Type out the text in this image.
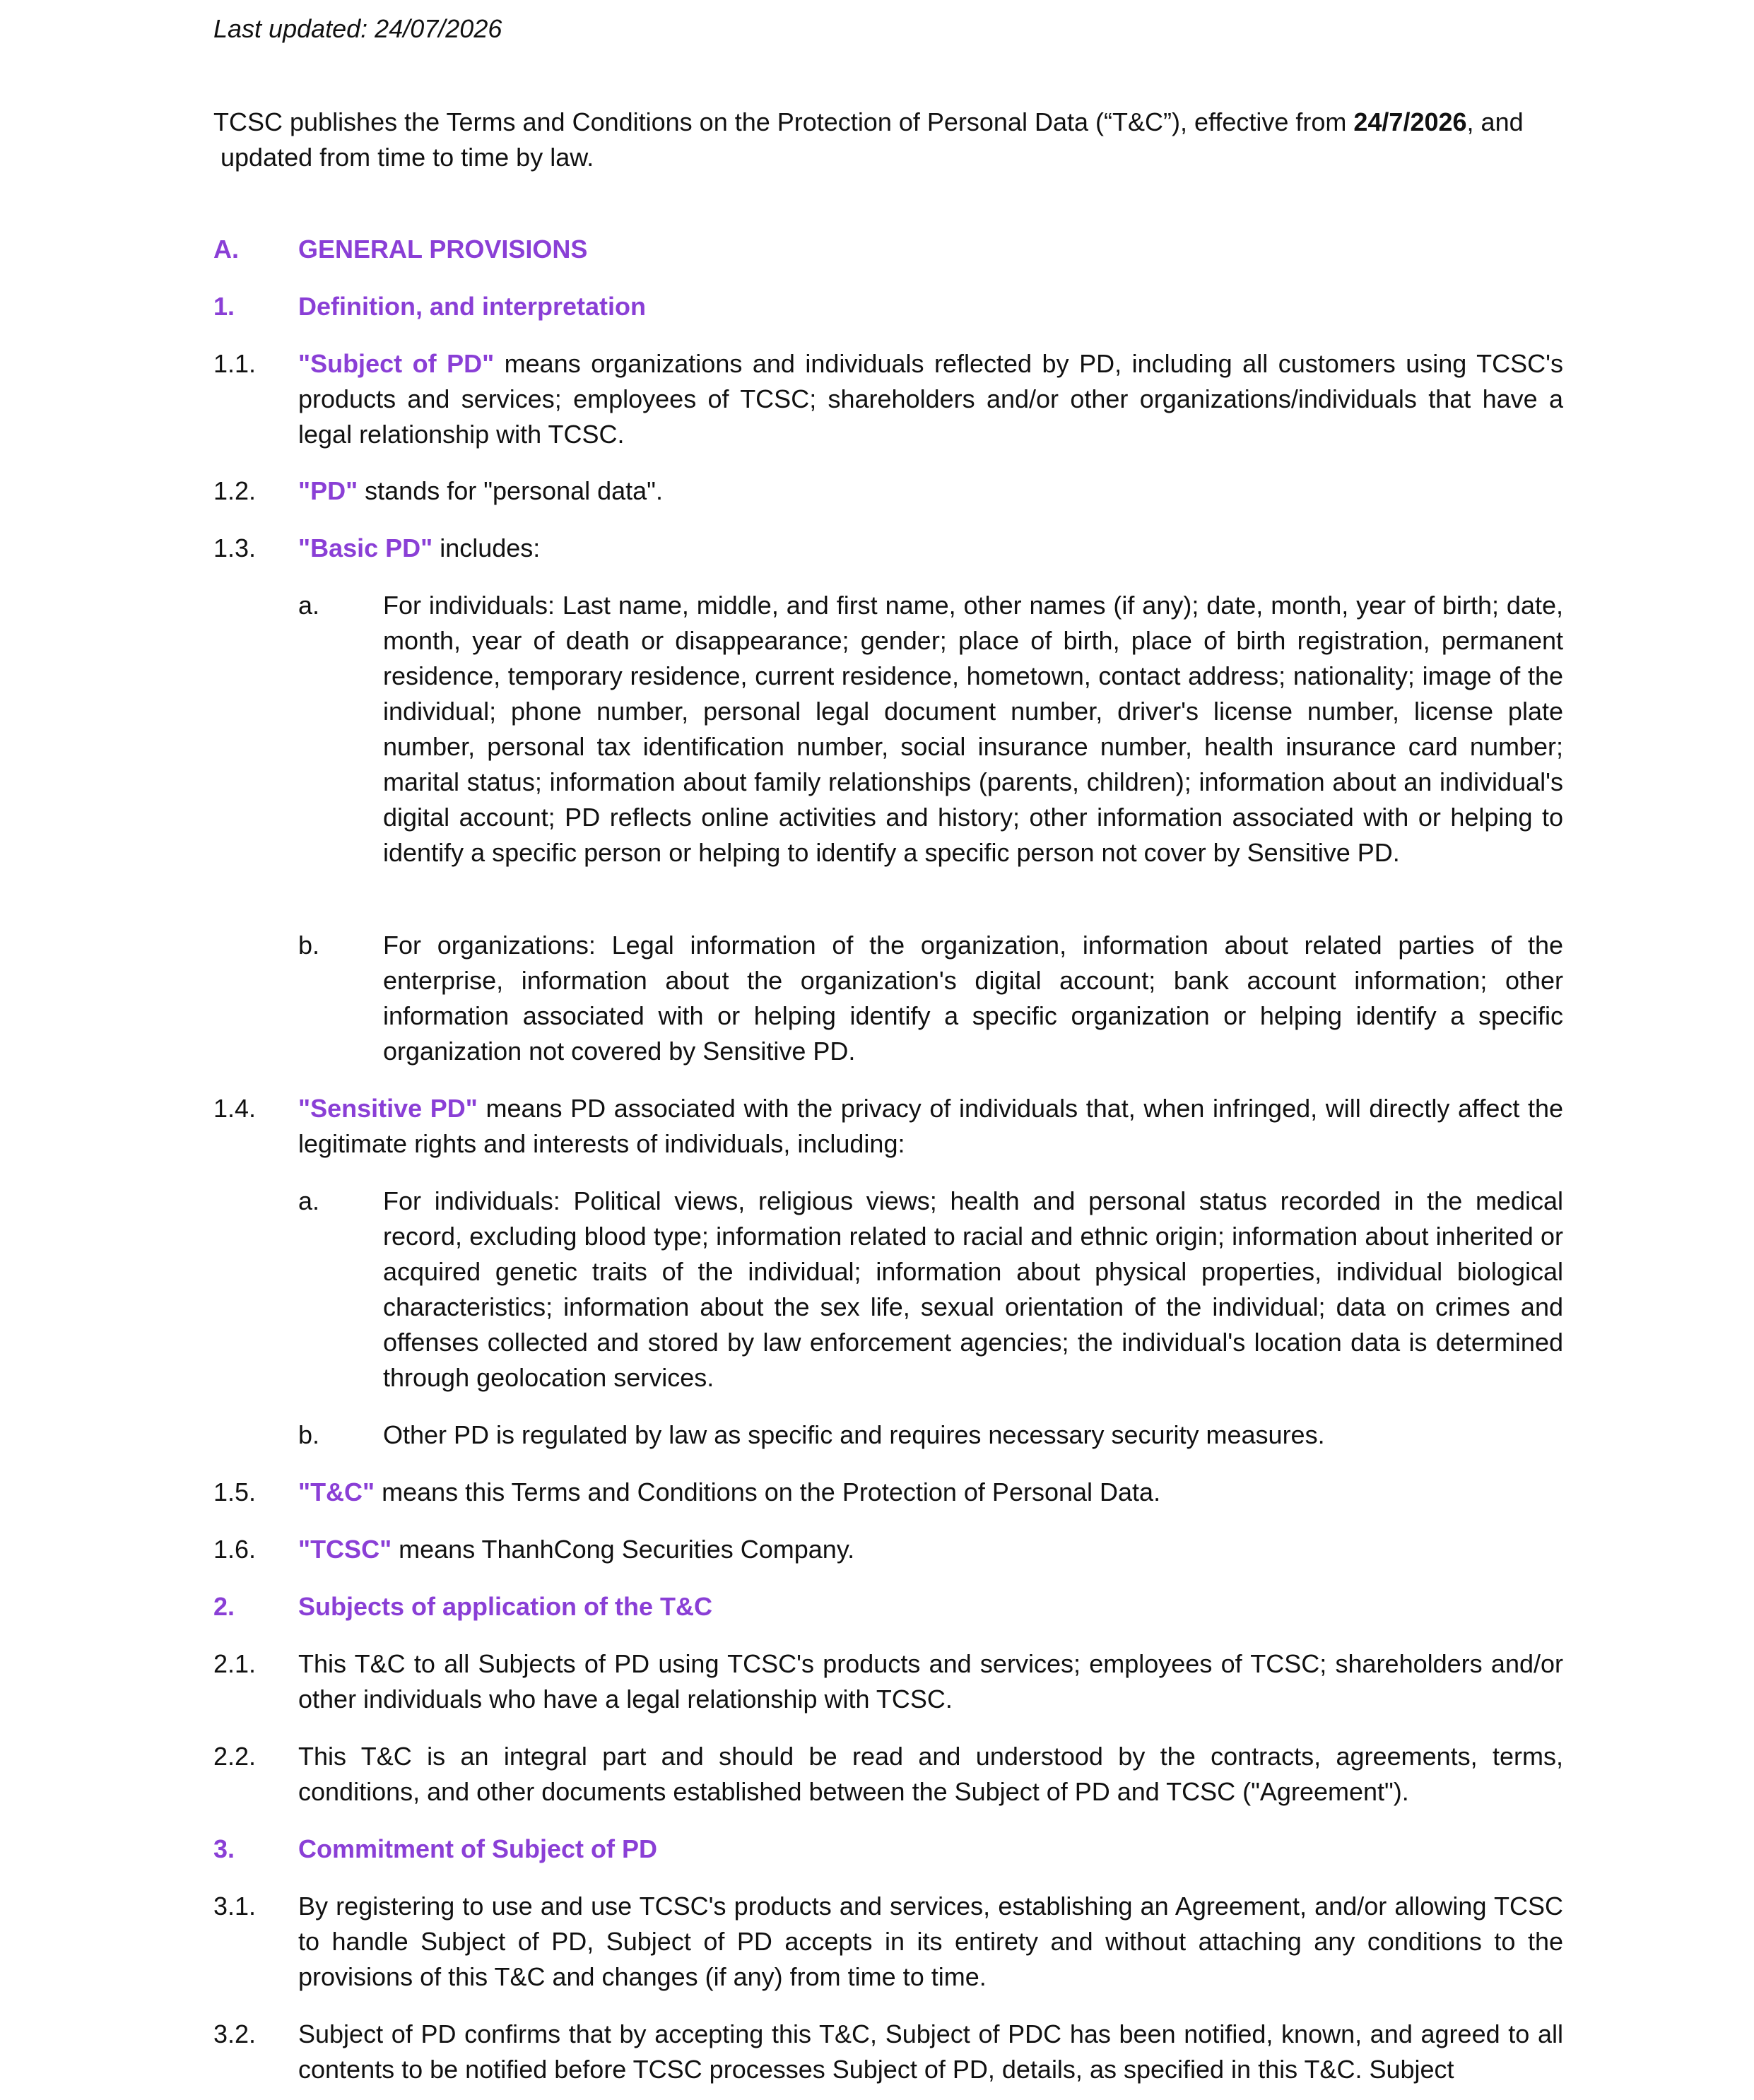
Last updated: 24/07/2026

TCSC publishes the Terms and Conditions on the Protection of Personal Data (“T&C”), effective from 24/7/2026, and
updated from time to time by law.

A. GENERAL PROVISIONS
1. Definition, and interpretation
1.1. "Subject of PD" means organizations and individuals reflected by PD, including all customers using TCSC's products and services; employees of TCSC; shareholders and/or other organizations/individuals that have a legal relationship with TCSC.
1.2. "PD" stands for "personal data".
1.3. "Basic PD" includes:
a. For individuals: Last name, middle, and first name, other names (if any); date, month, year of birth; date, month, year of death or disappearance; gender; place of birth, place of birth registration, permanent residence, temporary residence, current residence, hometown, contact address; nationality; image of the individual; phone number, personal legal document number, driver's license number, license plate number, personal tax identification number, social insurance number, health insurance card number; marital status; information about family relationships (parents, children); information about an individual's digital account; PD reflects online activities and history; other information associated with or helping to identify a specific person or helping to identify a specific person not cover by Sensitive PD.
b. For organizations: Legal information of the organization, information about related parties of the enterprise, information about the organization's digital account; bank account information; other information associated with or helping identify a specific organization or helping identify a specific organization not covered by Sensitive PD.
1.4. "Sensitive PD" means PD associated with the privacy of individuals that, when infringed, will directly affect the legitimate rights and interests of individuals, including:
a. For individuals: Political views, religious views; health and personal status recorded in the medical record, excluding blood type; information related to racial and ethnic origin; information about inherited or acquired genetic traits of the individual; information about physical properties, individual biological characteristics; information about the sex life, sexual orientation of the individual; data on crimes and offenses collected and stored by law enforcement agencies; the individual's location data is determined through geolocation services.
b. Other PD is regulated by law as specific and requires necessary security measures.
1.5. "T&C" means this Terms and Conditions on the Protection of Personal Data.
1.6. "TCSC" means ThanhCong Securities Company.
2. Subjects of application of the T&C
2.1. This T&C to all Subjects of PD using TCSC's products and services; employees of TCSC; shareholders and/or other individuals who have a legal relationship with TCSC.
2.2. This T&C is an integral part and should be read and understood by the contracts, agreements, terms, conditions, and other documents established between the Subject of PD and TCSC ("Agreement").
3. Commitment of Subject of PD
3.1. By registering to use and use TCSC's products and services, establishing an Agreement, and/or allowing TCSC to handle Subject of PD, Subject of PD accepts in its entirety and without attaching any conditions to the provisions of this T&C and changes (if any) from time to time.
3.2. Subject of PD confirms that by accepting this T&C, Subject of PDC has been notified, known, and agreed to all contents to be notified before TCSC processes Subject of PD, details, as specified in this T&C. Subject
